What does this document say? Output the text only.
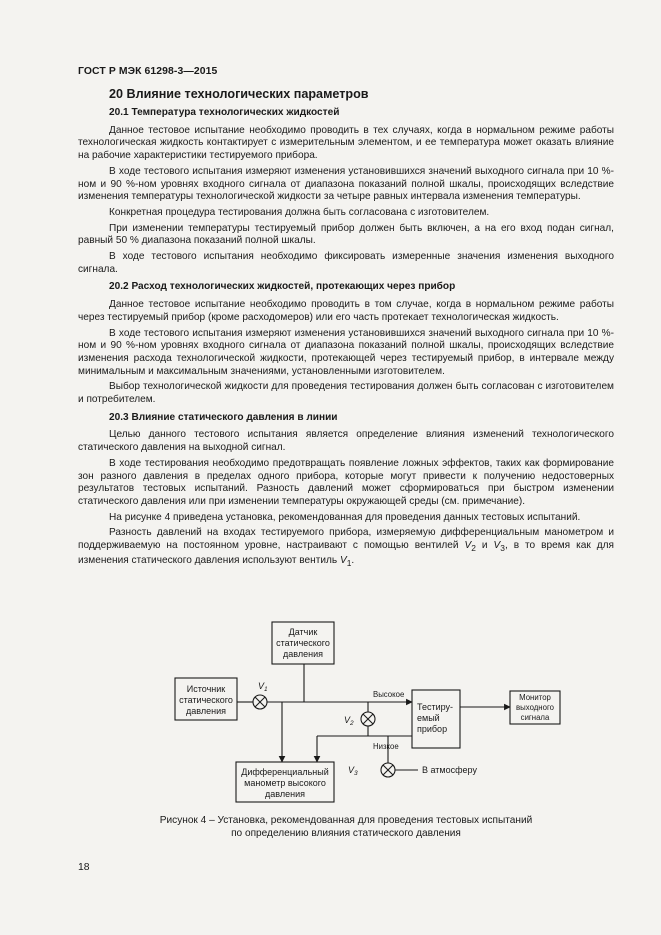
ГОСТ Р МЭК 61298-3—2015
20 Влияние технологических параметров
20.1 Температура технологических жидкостей

Данное тестовое испытание необходимо проводить в тех случаях, когда в нормальном режиме работы технологическая жидкость контактирует с измерительным элементом, и ее температура может оказать влияние на рабочие характеристики тестируемого прибора.

В ходе тестового испытания измеряют изменения установившихся значений выходного сигнала при 10 %-ном и 90 %-ном уровнях входного сигнала от диапазона показаний полной шкалы, происходящих вследствие изменения температуры технологической жидкости за четыре равных интервала изменения температуры.

Конкретная процедура тестирования должна быть согласована с изготовителем.

При изменении температуры тестируемый прибор должен быть включен, а на его вход подан сигнал, равный 50 % диапазона показаний полной шкалы.

В ходе тестового испытания необходимо фиксировать измеренные значения изменения выходного сигнала.

20.2 Расход технологических жидкостей, протекающих через прибор

Данное тестовое испытание необходимо проводить в том случае, когда в нормальном режиме работы через тестируемый прибор (кроме расходомеров) или его часть протекает технологическая жидкость.

В ходе тестового испытания измеряют изменения установившихся значений выходного сигнала при 10 %-ном и 90 %-ном уровнях входного сигнала от диапазона показаний полной шкалы, происходящих вследствие изменения расхода технологической жидкости, протекающей через тестируемый прибор, в интервале между минимальным и максимальным значениями, установленными изготовителем.

Выбор технологической жидкости для проведения тестирования должен быть согласован с изготовителем и потребителем.

20.3 Влияние статического давления в линии

Целью данного тестового испытания является определение влияния изменений технологического статического давления на выходной сигнал.

В ходе тестирования необходимо предотвращать появление ложных эффектов, таких как формирование зон разного давления в пределах одного прибора, которые могут привести к получению недостоверных результатов тестовых испытаний. Разность давлений может сформироваться при быстром изменении статического давления или при изменении температуры окружающей среды (см. примечание).

На рисунке 4 приведена установка, рекомендованная для проведения данных тестовых испытаний.

Разность давлений на входах тестируемого прибора, измеряемую дифференциальным манометром и поддерживаемую на постоянном уровне, настраивают с помощью вентилей $V_2$ и $V_3$, в то время как для изменения статического давления используют вентиль $V_1$.

Датчик
статического
давления
Источник
статического
давления	Тестиру-
емый
прибор
Монитор
выходного
сигнала
Дифференциальный
манометр высокого
давления
Высокое
Низкое
В атмосферу
$V_1$
$V_2$
$V_3$
Рисунок 4 – Установка, рекомендованная для проведения тестовых испытаний
по определению влияния статического давления
18
